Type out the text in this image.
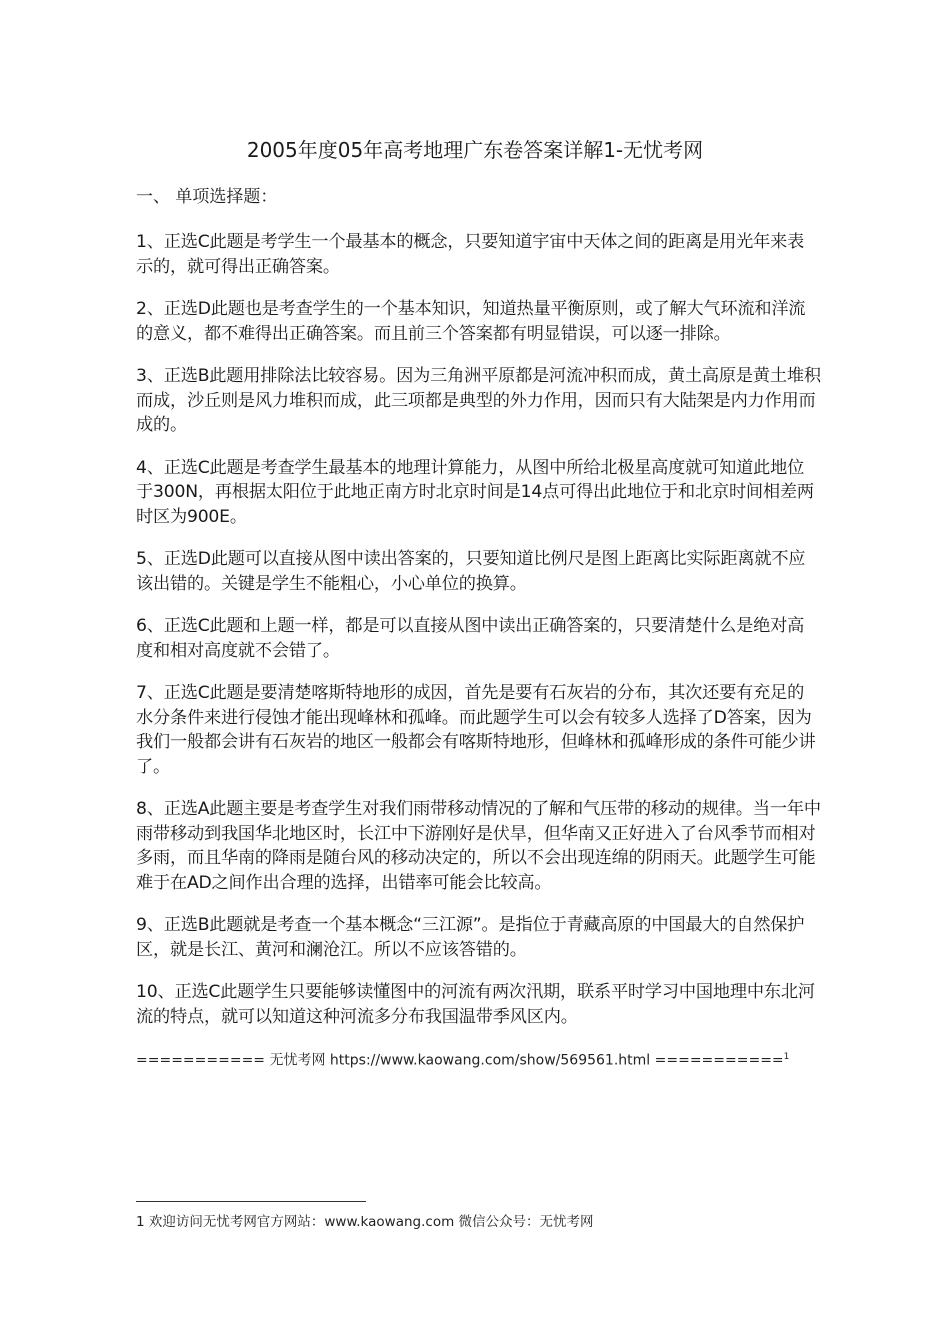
2005年度05年高考地理广东卷答案详解1-无忧考网
一、 单项选择题：

1、正选C此题是考学生一个最基本的概念，只要知道宇宙中天体之间的距离是用光年来表示的，就可得出正确答案。

2、正选D此题也是考查学生的一个基本知识，知道热量平衡原则，或了解大气环流和洋流的意义，都不难得出正确答案。而且前三个答案都有明显错误，可以逐一排除。

3、正选B此题用排除法比较容易。因为三角洲平原都是河流冲积而成，黄土高原是黄土堆积而成，沙丘则是风力堆积而成，此三项都是典型的外力作用，因而只有大陆架是内力作用而成的。

4、正选C此题是考查学生最基本的地理计算能力，从图中所给北极星高度就可知道此地位于300N，再根据太阳位于此地正南方时北京时间是14点可得出此地位于和北京时间相差两时区为900E。

5、正选D此题可以直接从图中读出答案的，只要知道比例尺是图上距离比实际距离就不应该出错的。关键是学生不能粗心，小心单位的换算。

6、正选C此题和上题一样，都是可以直接从图中读出正确答案的，只要清楚什么是绝对高度和相对高度就不会错了。

7、正选C此题是要清楚喀斯特地形的成因，首先是要有石灰岩的分布，其次还要有充足的水分条件来进行侵蚀才能出现峰林和孤峰。而此题学生可以会有较多人选择了D答案，因为我们一般都会讲有石灰岩的地区一般都会有喀斯特地形，但峰林和孤峰形成的条件可能少讲了。

8、正选A此题主要是考查学生对我们雨带移动情况的了解和气压带的移动的规律。当一年中雨带移动到我国华北地区时，长江中下游刚好是伏旱，但华南又正好进入了台风季节而相对多雨，而且华南的降雨是随台风的移动决定的，所以不会出现连绵的阴雨天。此题学生可能难于在AD之间作出合理的选择，出错率可能会比较高。

9、正选B此题就是考查一个基本概念“三江源”。是指位于青藏高原的中国最大的自然保护区，就是长江、黄河和澜沧江。所以不应该答错的。

10、正选C此题学生只要能够读懂图中的河流有两次汛期，联系平时学习中国地理中东北河流的特点，就可以知道这种河流多分布我国温带季风区内。

=========== 无忧考网 https://www.kaowang.com/show/569561.html ===========$^1$
1 欢迎访问无忧考网官方网站：www.kaowang.com 微信公众号：无忧考网
